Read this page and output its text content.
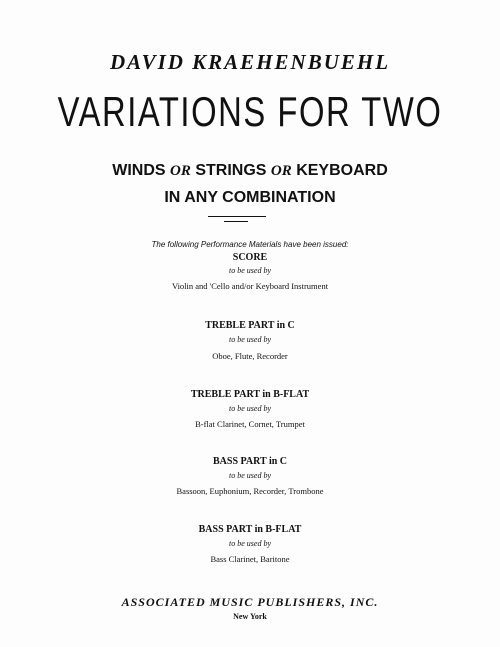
DAVID KRAEHENBUEHL
VARIATIONS FOR TWO
WINDS OR STRINGS OR KEYBOARD
IN ANY COMBINATION
The following Performance Materials have been issued:
SCORE
to be used by
Violin and 'Cello and/or Keyboard Instrument
TREBLE PART in C
to be used by
Oboe, Flute, Recorder
TREBLE PART in B-FLAT
to be used by
B-flat Clarinet, Cornet, Trumpet
BASS PART in C
to be used by
Bassoon, Euphonium, Recorder, Trombone
BASS PART in B-FLAT
to be used by
Bass Clarinet, Baritone
ASSOCIATED MUSIC PUBLISHERS, INC.
New York
